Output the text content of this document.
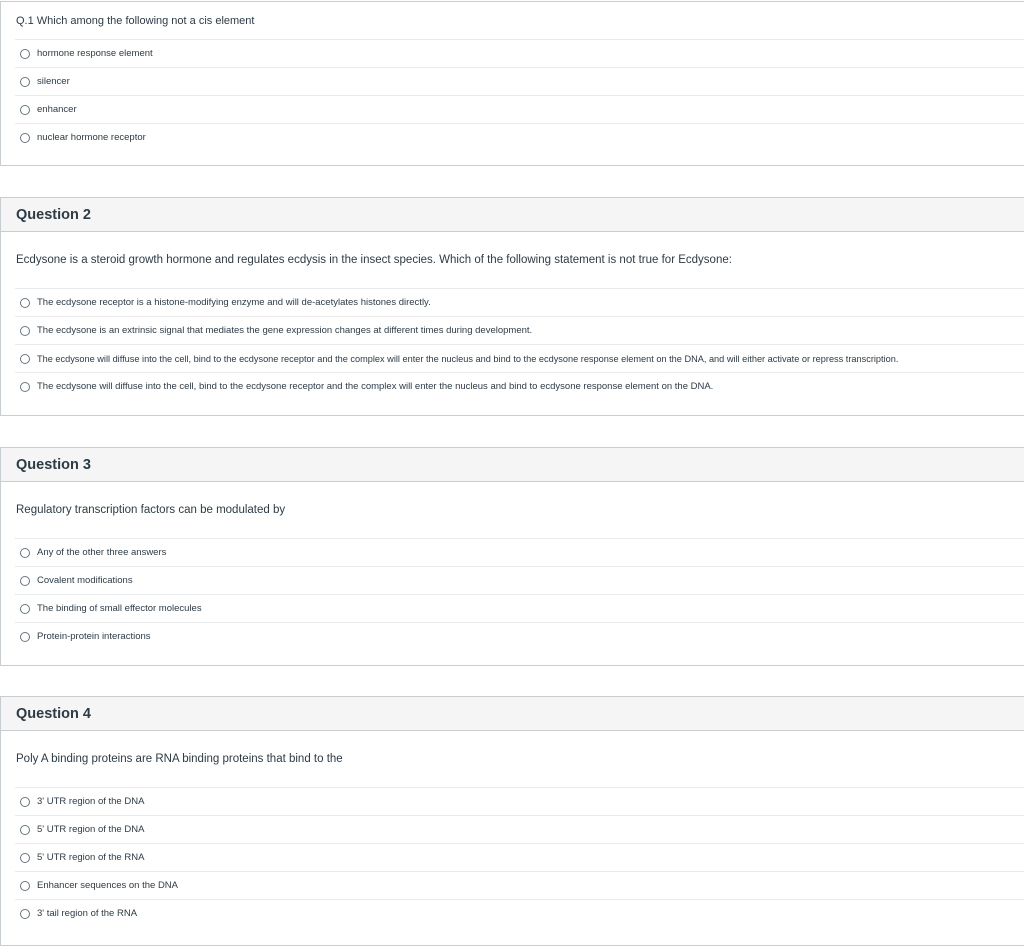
Q.1 Which among the following not a cis element
hormone response element
silencer
enhancer
nuclear hormone receptor
Question 2
Ecdysone is a steroid growth hormone and regulates ecdysis in the insect species. Which of the following statement is not true for Ecdysone:
The ecdysone receptor is a histone-modifying enzyme and will de-acetylates histones directly.
The ecdysone is an extrinsic signal that mediates the gene expression changes at different times during development.
The ecdysone will diffuse into the cell, bind to the ecdysone receptor and the complex will enter the nucleus and bind to the ecdysone response element on the DNA, and will either activate or repress transcription.
The ecdysone will diffuse into the cell, bind to the ecdysone receptor and the complex will enter the nucleus and bind to ecdysone response element on the DNA.
Question 3
Regulatory transcription factors can be modulated by
Any of the other three answers
Covalent modifications
The binding of small effector molecules
Protein-protein interactions
Question 4
Poly A binding proteins are RNA binding proteins that bind to the
3' UTR region of the DNA
5' UTR region of the DNA
5' UTR region of the RNA
Enhancer sequences on the DNA
3' tail region of the RNA
